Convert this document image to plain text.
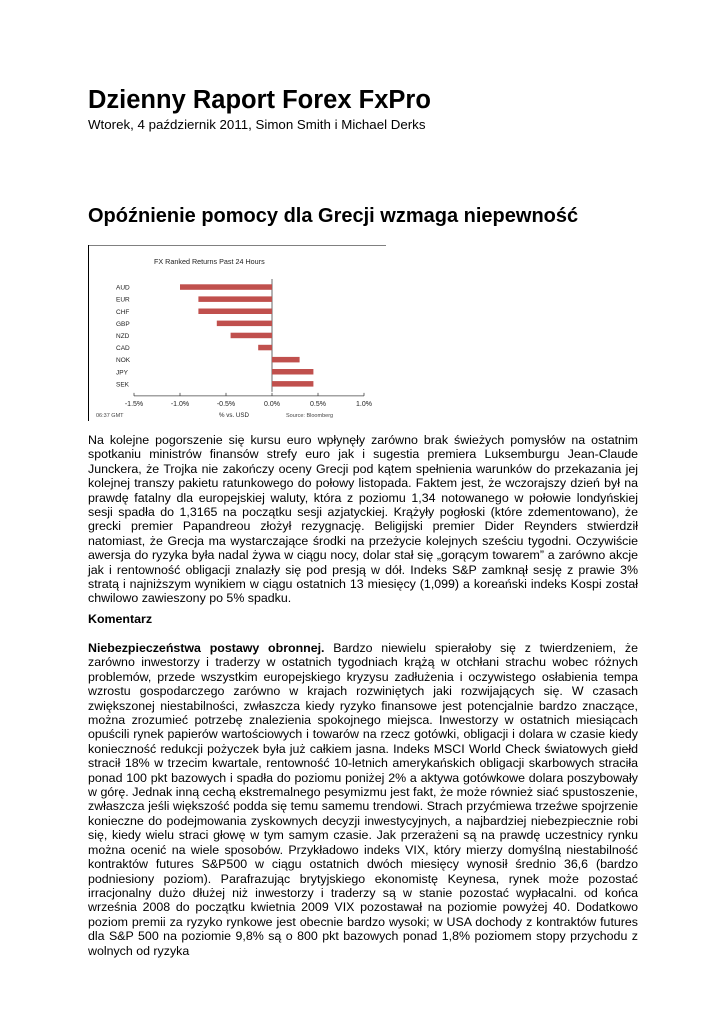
Dzienny Raport Forex FxPro
Wtorek, 4 październik 2011, Simon Smith i Michael Derks
Opóźnienie pomocy dla Grecji wzmaga niepewność
FX Ranked Returns Past 24 Hours
AUD
EUR
CHF
GBP
NZD
CAD
NOK
JPY
SEK
-1.5%	-1.0%	-0.5%	0.0%	0.5%	1.0%
% vs. USD
06:37 GMT	Source: Bloomberg

Na kolejne pogorszenie się kursu euro wpłynęły zarówno brak świeżych pomysłów na ostatnim spotkaniu ministrów finansów strefy euro jak i sugestia premiera Luksemburgu Jean-Claude Junckera, że Trojka nie zakończy oceny Grecji pod kątem spełnienia warunków do przekazania jej kolejnej transzy pakietu ratunkowego do połowy listopada. Faktem jest, że wczorajszy dzień był na prawdę fatalny dla europejskiej waluty, która z poziomu 1,34 notowanego w połowie londyńskiej sesji spadła do 1,3165 na początku sesji azjatyckiej. Krążyły pogłoski (które zdementowano), że grecki premier Papandreou złożył rezygnację. Beligijski premier Dider Reynders stwierdził natomiast, że Grecja ma wystarczające środki na przeżycie kolejnych sześciu tygodni. Oczywiście awersja do ryzyka była nadal żywa w ciągu nocy, dolar stał się „gorącym towarem” a zarówno akcje jak i rentowność obligacji znalazły się pod presją w dół. Indeks S&P zamknął sesję z prawie 3% stratą i najniższym wynikiem w ciągu ostatnich 13 miesięcy (1,099) a koreański indeks Kospi został chwilowo zawieszony po 5% spadku.

Komentarz

Niebezpieczeństwa postawy obronnej. Bardzo niewielu spierałoby się z twierdzeniem, że zarówno inwestorzy i traderzy w ostatnich tygodniach krążą w otchłani strachu wobec różnych problemów, przede wszystkim europejskiego kryzysu zadłużenia i oczywistego osłabienia tempa wzrostu gospodarczego zarówno w krajach rozwiniętych jaki rozwijających się. W czasach zwiększonej niestabilności, zwłaszcza kiedy ryzyko finansowe jest potencjalnie bardzo znaczące, można zrozumieć potrzebę znalezienia spokojnego miejsca. Inwestorzy w ostatnich miesiącach opuścili rynek papierów wartościowych i towarów na rzecz gotówki, obligacji i dolara w czasie kiedy konieczność redukcji pożyczek była już całkiem jasna. Indeks MSCI World Check światowych giełd stracił 18% w trzecim kwartale, rentowność 10-letnich amerykańskich obligacji skarbowych straciła ponad 100 pkt bazowych i spadła do poziomu poniżej 2% a aktywa gotówkowe dolara poszybowały w górę. Jednak inną cechą ekstremalnego pesymizmu jest fakt, że może również siać spustoszenie, zwłaszcza jeśli większość podda się temu samemu trendowi. Strach przyćmiewa trzeźwe spojrzenie konieczne do podejmowania zyskownych decyzji inwestycyjnych, a najbardziej niebezpiecznie robi się, kiedy wielu straci głowę w tym samym czasie. Jak przerażeni są na prawdę uczestnicy rynku można ocenić na wiele sposobów. Przykładowo indeks VIX, który mierzy domyślną niestabilność kontraktów futures S&P500 w ciągu ostatnich dwóch miesięcy wynosił średnio 36,6 (bardzo podniesiony poziom). Parafrazując brytyjskiego ekonomistę Keynesa, rynek może pozostać irracjonalny dużo dłużej niż inwestorzy i traderzy są w stanie pozostać wypłacalni. od końca września 2008 do początku kwietnia 2009 VIX pozostawał na poziomie powyżej 40. Dodatkowo poziom premii za ryzyko rynkowe jest obecnie bardzo wysoki; w USA dochody z kontraktów futures dla S&P 500 na poziomie 9,8% są o 800 pkt bazowych ponad 1,8% poziomem stopy przychodu z wolnych od ryzyka
